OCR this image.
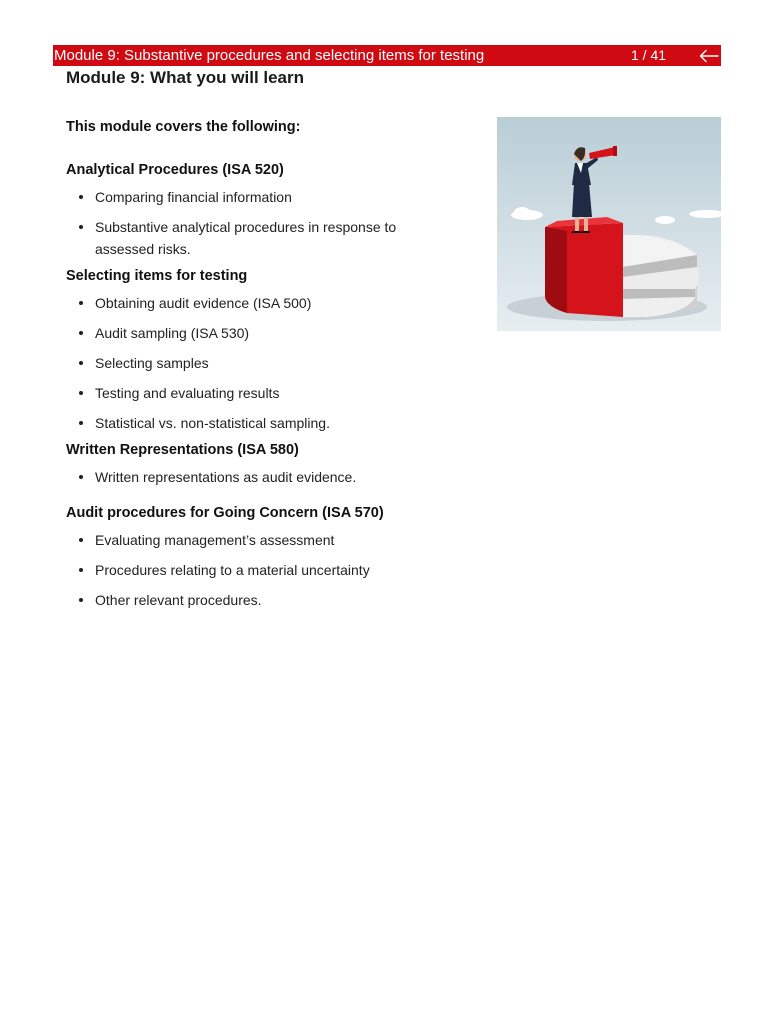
Module 9: Substantive procedures and selecting items for testing	1 / 41
Module 9: What you will learn
This module covers the following:
Analytical Procedures (ISA 520)
Comparing financial information
Substantive analytical procedures in response to assessed risks.
Selecting items for testing
Obtaining audit evidence (ISA 500)
Audit sampling (ISA 530)
Selecting samples
Testing and evaluating results
Statistical vs. non-statistical sampling.
Written Representations (ISA 580)
Written representations as audit evidence.
Audit procedures for Going Concern (ISA 570)
Evaluating management’s assessment
Procedures relating to a material uncertainty
Other relevant procedures.
